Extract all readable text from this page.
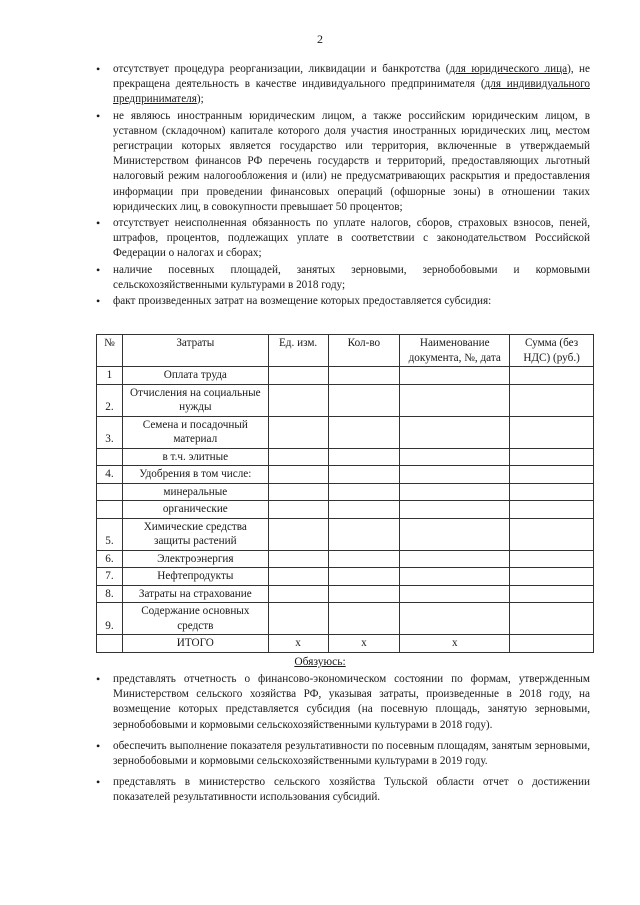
2
• отсутствует процедура реорганизации, ликвидации и банкротства (для юридического лица), не прекращена деятельность в качестве индивидуального предпринимателя (для индивидуального предпринимателя);
• не являюсь иностранным юридическим лицом, а также российским юридическим лицом, в уставном (складочном) капитале которого доля участия иностранных юридических лиц, местом регистрации которых является государство или территория, включенные в утверждаемый Министерством финансов РФ перечень государств и территорий, предоставляющих льготный налоговый режим налогообложения и (или) не предусматривающих раскрытия и предоставления информации при проведении финансовых операций (офшорные зоны) в отношении таких юридических лиц, в совокупности превышает 50 процентов;
• отсутствует неисполненная обязанность по уплате налогов, сборов, страховых взносов, пеней, штрафов, процентов, подлежащих уплате в соответствии с законодательством Российской Федерации о налогах и сборах;
• наличие посевных площадей, занятых зерновыми, зернобобовыми и кормовыми сельскохозяйственными культурами в 2018 году;
• факт произведенных затрат на возмещение которых предоставляется субсидия:
№	Затраты	Ед. изм.	Кол-во	Наименование документа, №, дата	Сумма (без НДС) (руб.)
1	Оплата труда				
2.	Отчисления на социальные нужды				
3.	Семена и посадочный материал				
	в т.ч. элитные				
4.	Удобрения в том числе:				
	минеральные				
	органические				
5.	Химические средства защиты растений				
6.	Электроэнергия				
7.	Нефтепродукты				
8.	Затраты на страхование				
9.	Содержание основных средств				
	ИТОГО	х	х	х	
Обязуюсь:
• представлять отчетность о финансово-экономическом состоянии по формам, утвержденным Министерством сельского хозяйства РФ, указывая затраты, произведенные в 2018 году, на возмещение которых представляется субсидия (на посевную площадь, занятую зерновыми, зернобобовыми и кормовыми сельскохозяйственными культурами в 2018 году).
• обеспечить выполнение показателя результативности по посевным площадям, занятым зерновыми, зернобобовыми и кормовыми сельскохозяйственными культурами в 2019 году.
• представлять в министерство сельского хозяйства Тульской области отчет о достижении показателей результативности использования субсидий.
